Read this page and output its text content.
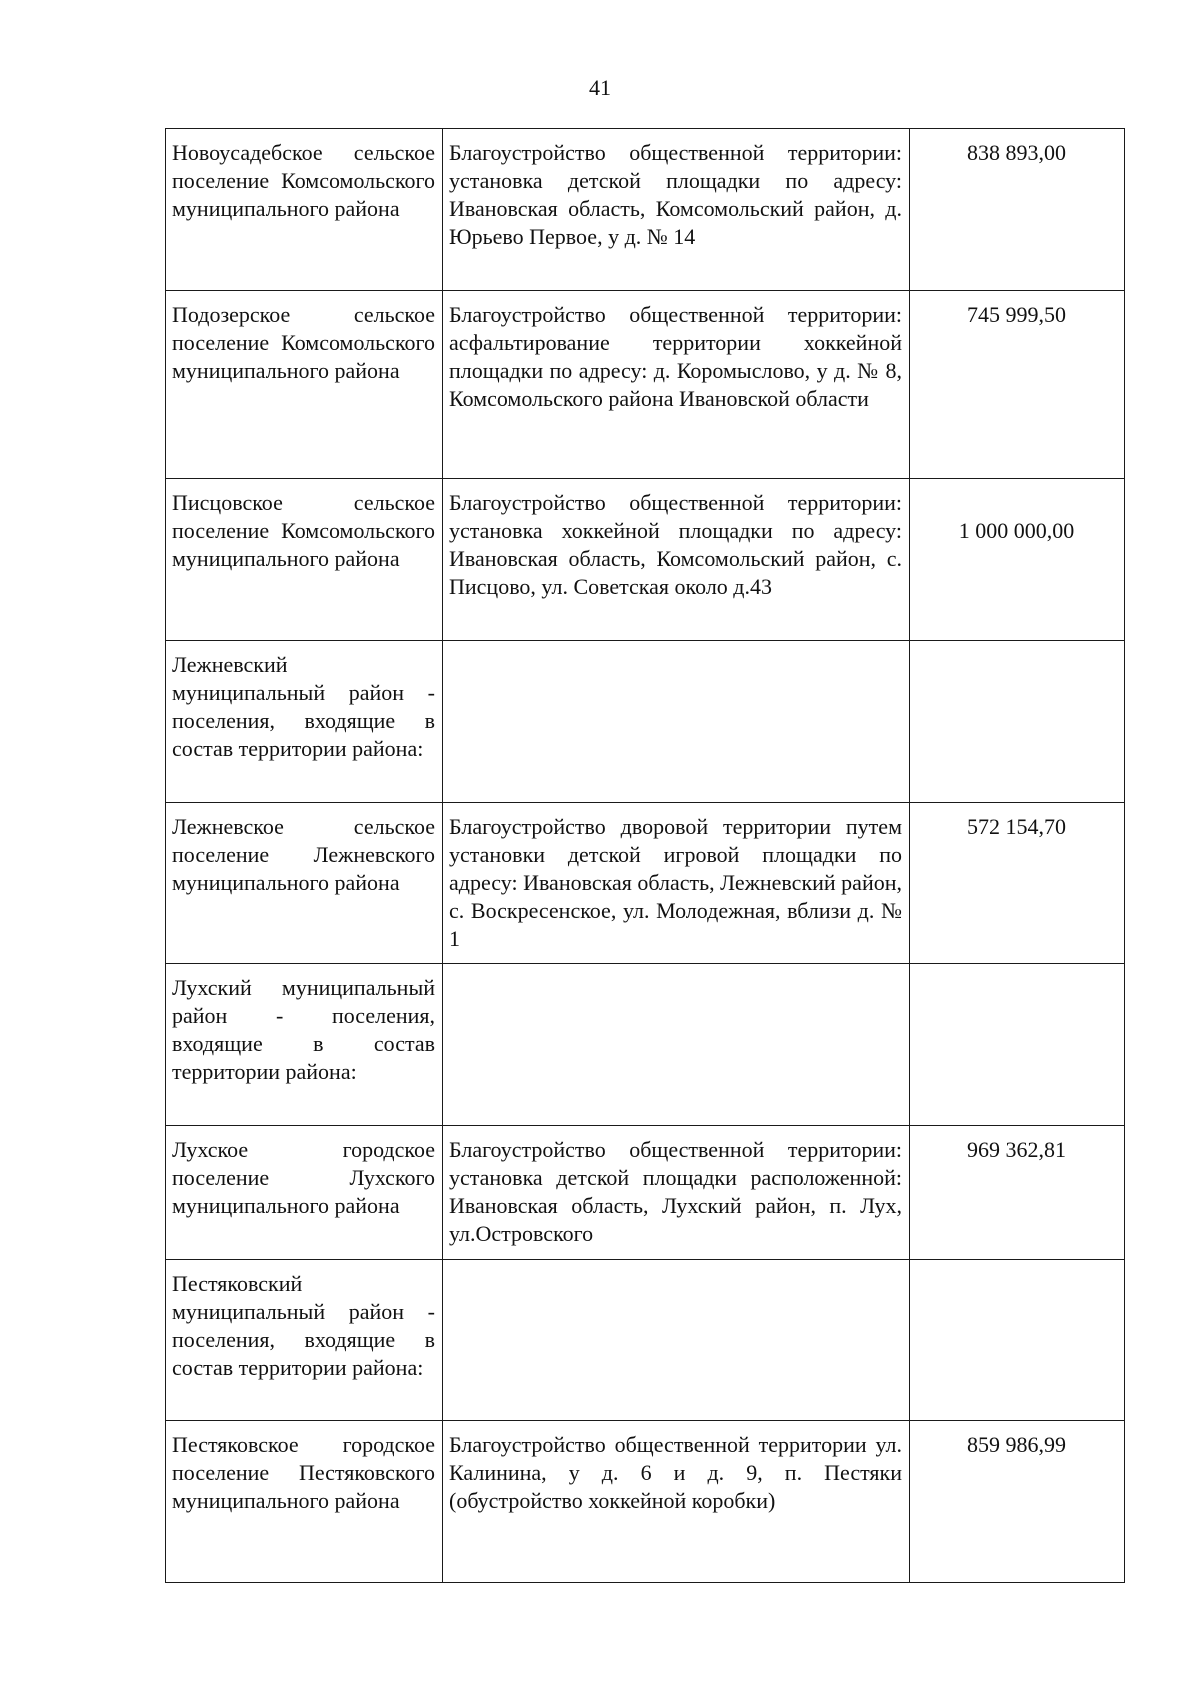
41
Новоусадебское сельское поселение Комсомольского муниципального района	Благоустройство общественной территории: установка детской площадки по адресу: Ивановская область, Комсомольский район, д. Юрьево Первое, у д. № 14	838 893,00
Подозерское сельское поселение Комсомольского муниципального района	Благоустройство общественной территории: асфальтирование территории хоккейной площадки по адресу: д. Коромыслово, у д. № 8, Комсомольского района Ивановской области	745 999,50
Писцовское сельское поселение Комсомольского муниципального района	Благоустройство общественной территории: установка хоккейной площадки по адресу: Ивановская область, Комсомольский район, с. Писцово, ул. Советская около д.43	1 000 000,00
Лежневский муниципальный район - поселения, входящие в состав территории района:		
Лежневское сельское поселение Лежневского муниципального района	Благоустройство дворовой территории путем установки детской игровой площадки по адресу: Ивановская область, Лежневский район, с. Воскресенское, ул. Молодежная, вблизи д. № 1	572 154,70
Лухский муниципальный район - поселения, входящие в состав территории района:		
Лухское городское поселение Лухского муниципального района	Благоустройство общественной территории: установка детской площадки расположенной: Ивановская область, Лухский район, п. Лух, ул.Островского	969 362,81
Пестяковский муниципальный район - поселения, входящие в состав территории района:		
Пестяковское городское поселение Пестяковского муниципального района	Благоустройство общественной территории ул. Калинина, у д. 6 и д. 9, п. Пестяки (обустройство хоккейной коробки)	859 986,99
